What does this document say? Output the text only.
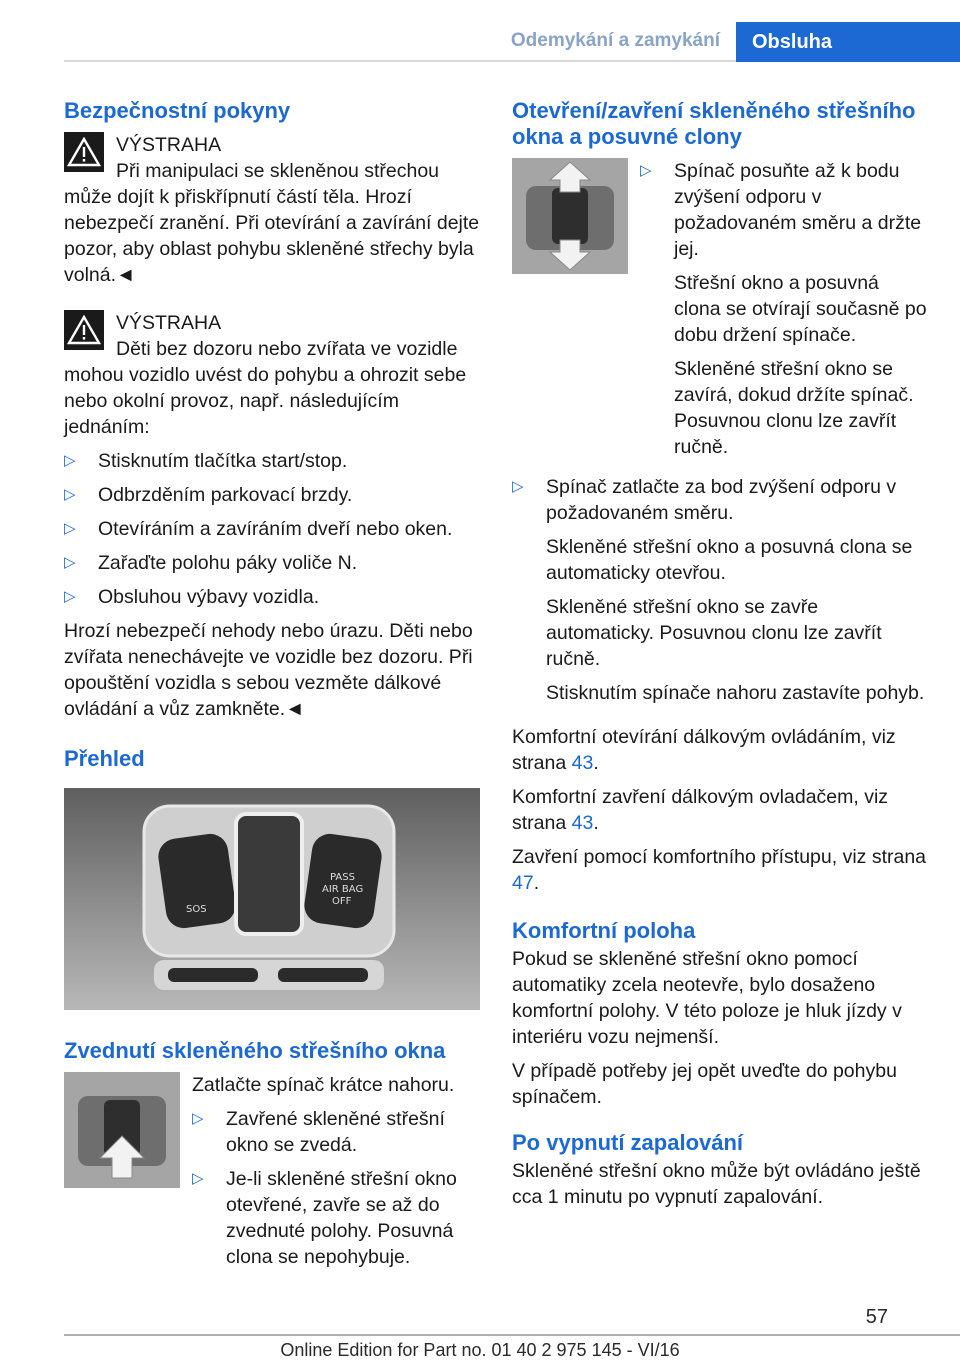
Odemykání a zamykání	Obsluha
Bezpečnostní pokyny
VÝSTRAHA

Při manipulaci se skleněnou střechou může dojít k přiskřípnutí částí těla. Hrozí nebezpečí zranění. Při otevírání a zavírání dejte pozor, aby oblast pohybu skleněné střechy byla volná.◄

VÝSTRAHA

Děti bez dozoru nebo zvířata ve vozidle mohou vozidlo uvést do pohybu a ohrozit sebe nebo okolní provoz, např. následujícím jednáním:

▷ Stisknutím tlačítka start/stop.
▷ Odbrzděním parkovací brzdy.
▷ Otevíráním a zavíráním dveří nebo oken.
▷ Zařaďte polohu páky voliče N.
▷ Obsluhou výbavy vozidla.

Hrozí nebezpečí nehody nebo úrazu. Děti nebo zvířata nenechávejte ve vozidle bez dozoru. Při opouštění vozidla s sebou vezměte dálkové ovládání a vůz zamkněte.◄

Přehled
SOS
PASS
AIR BAG
OFF
Zvednutí skleněného střešního okna

Zatlačte spínač krátce nahoru.

▷ Zavřené skleněné střešní okno se zvedá.
▷ Je-li skleněné střešní okno otevřené, zavře se až do zvednuté polohy. Posuvná clona se nepohybuje.
Otevření/zavření skleněného střešního okna a posuvné clony

▷ Spínač posuňte až k bodu zvýšení odporu v požadovaném směru a držte jej.

Střešní okno a posuvná clona se otvírají současně po dobu držení spínače.

Skleněné střešní okno se zavírá, dokud držíte spínač. Posuvnou clonu lze zavřít ručně.

▷ Spínač zatlačte za bod zvýšení odporu v požadovaném směru.

Skleněné střešní okno a posuvná clona se automaticky otevřou.

Skleněné střešní okno se zavře automaticky. Posuvnou clonu lze zavřít ručně.

Stisknutím spínače nahoru zastavíte pohyb.

Komfortní otevírání dálkovým ovládáním, viz strana 43.

Komfortní zavření dálkovým ovladačem, viz strana 43.

Zavření pomocí komfortního přístupu, viz strana 47.

Komfortní poloha

Pokud se skleněné střešní okno pomocí automatiky zcela neotevře, bylo dosaženo komfortní polohy. V této poloze je hluk jízdy v interiéru vozu nejmenší.

V případě potřeby jej opět uveďte do pohybu spínačem.

Po vypnutí zapalování

Skleněné střešní okno může být ovládáno ještě cca 1 minutu po vypnutí zapalování.

57
Online Edition for Part no. 01 40 2 975 145 - VI/16
